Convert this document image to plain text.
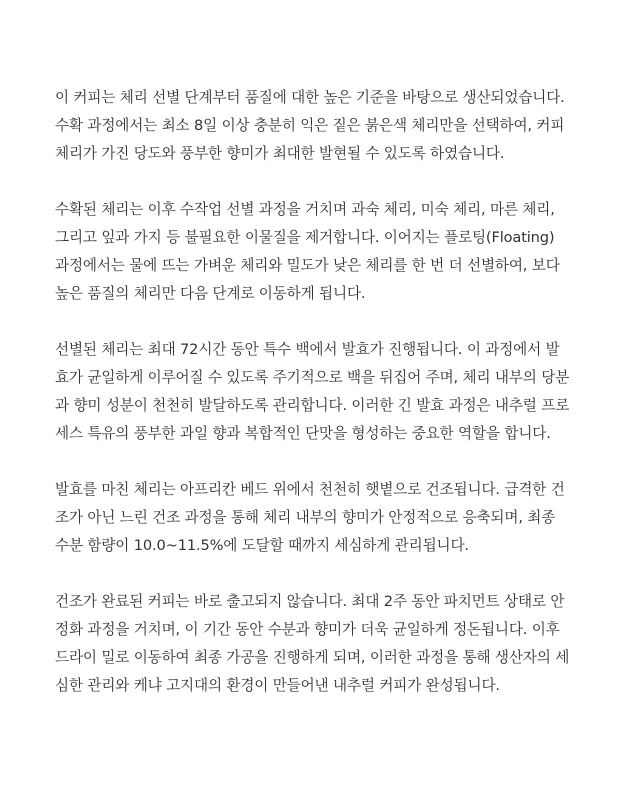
이 커피는 체리 선별 단계부터 품질에 대한 높은 기준을 바탕으로 생산되었습니다.
수확 과정에서는 최소 8일 이상 충분히 익은 짙은 붉은색 체리만을 선택하여, 커피
체리가 가진 당도와 풍부한 향미가 최대한 발현될 수 있도록 하였습니다.

수확된 체리는 이후 수작업 선별 과정을 거치며 과숙 체리, 미숙 체리, 마른 체리,
그리고 잎과 가지 등 불필요한 이물질을 제거합니다. 이어지는 플로팅(Floating)
과정에서는 물에 뜨는 가벼운 체리와 밀도가 낮은 체리를 한 번 더 선별하여, 보다
높은 품질의 체리만 다음 단계로 이동하게 됩니다.

선별된 체리는 최대 72시간 동안 특수 백에서 발효가 진행됩니다. 이 과정에서 발
효가 균일하게 이루어질 수 있도록 주기적으로 백을 뒤집어 주며, 체리 내부의 당분
과 향미 성분이 천천히 발달하도록 관리합니다. 이러한 긴 발효 과정은 내추럴 프로
세스 특유의 풍부한 과일 향과 복합적인 단맛을 형성하는 중요한 역할을 합니다.

발효를 마친 체리는 아프리칸 베드 위에서 천천히 햇볕으로 건조됩니다. 급격한 건
조가 아닌 느린 건조 과정을 통해 체리 내부의 향미가 안정적으로 응축되며, 최종
수분 함량이 10.0~11.5%에 도달할 때까지 세심하게 관리됩니다.

건조가 완료된 커피는 바로 출고되지 않습니다. 최대 2주 동안 파치먼트 상태로 안
정화 과정을 거치며, 이 기간 동안 수분과 향미가 더욱 균일하게 정돈됩니다. 이후
드라이 밀로 이동하여 최종 가공을 진행하게 되며, 이러한 과정을 통해 생산자의 세
심한 관리와 케냐 고지대의 환경이 만들어낸 내추럴 커피가 완성됩니다.
